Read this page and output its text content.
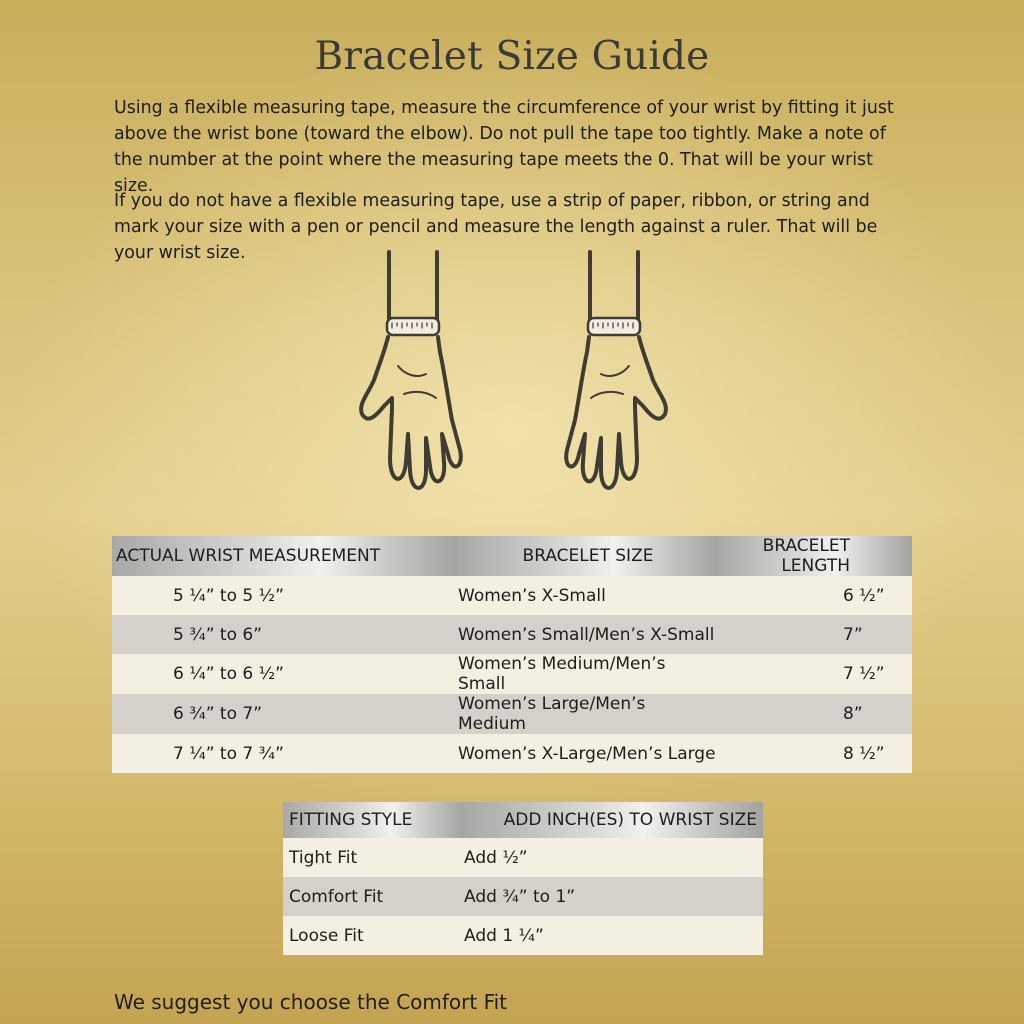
Bracelet Size Guide
Using a flexible measuring tape, measure the circumference of your wrist by fitting it just above the wrist bone (toward the elbow). Do not pull the tape too tightly. Make a note of the number at the point where the measuring tape meets the 0. That will be your wrist size.
If you do not have a flexible measuring tape, use a strip of paper, ribbon, or string and mark your size with a pen or pencil and measure the length against a ruler. That will be your wrist size.
ACTUAL WRIST MEASUREMENT	BRACELET SIZE	BRACELET LENGTH
5 ¼” to 5 ½”	Women’s X-Small	6 ½”
5 ¾” to 6”	Women’s Small/Men’s X-Small	7”
6 ¼” to 6 ½”	Women’s Medium/Men’s Small	7 ½”
6 ¾” to 7”	Women’s Large/Men’s Medium	8”
7 ¼” to 7 ¾”	Women’s X-Large/Men’s Large	8 ½”
FITTING STYLE	ADD INCH(ES) TO WRIST SIZE
Tight Fit	Add ½”
Comfort Fit	Add ¾” to 1”
Loose Fit	Add 1 ¼”
We suggest you choose the Comfort Fit
